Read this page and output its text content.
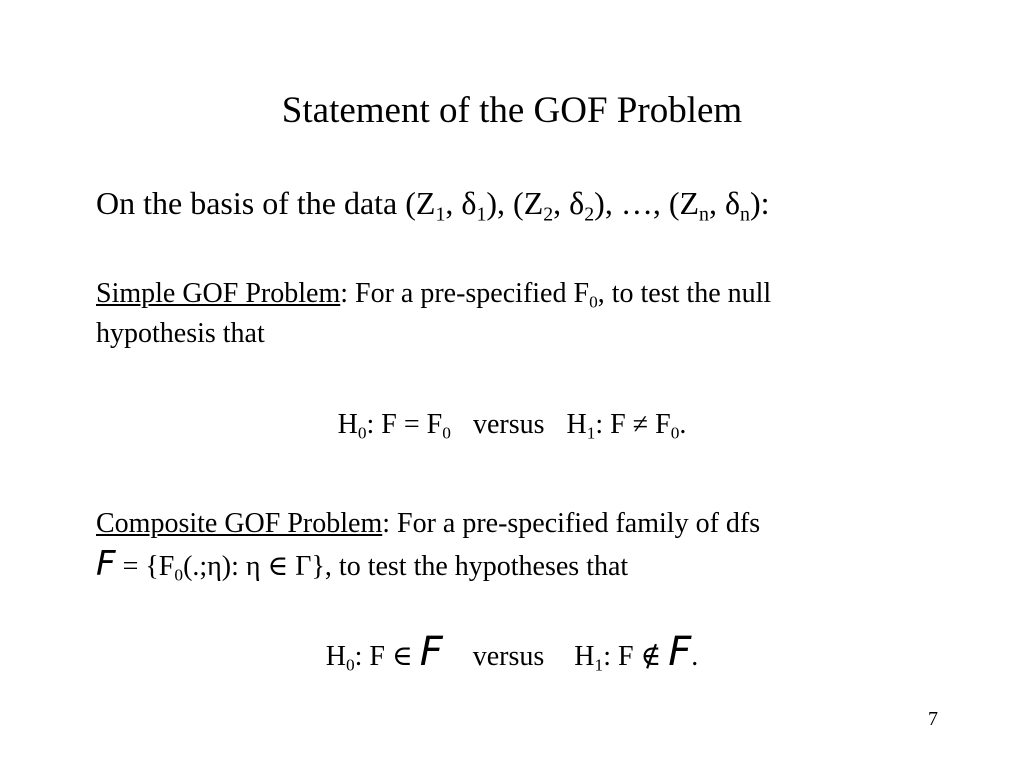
Statement of the GOF Problem
On the basis of the data ($Z_1$, $\delta_1$), ($Z_2$, $\delta_2$), …, ($Z_n$, $\delta_n$):
Simple GOF Problem: For a pre-specified $F_0$, to test the null
hypothesis that
$H_0$: $F = F_0$ versus $H_1$: $F \ne F_0$.
Composite GOF Problem: For a pre-specified family of dfs
$F = \{F_0(.;\eta)$: η ∈ Γ}, to test the hypotheses that
$H_0$: F ∈ F versus $H_1$: F ∉ F.
7
